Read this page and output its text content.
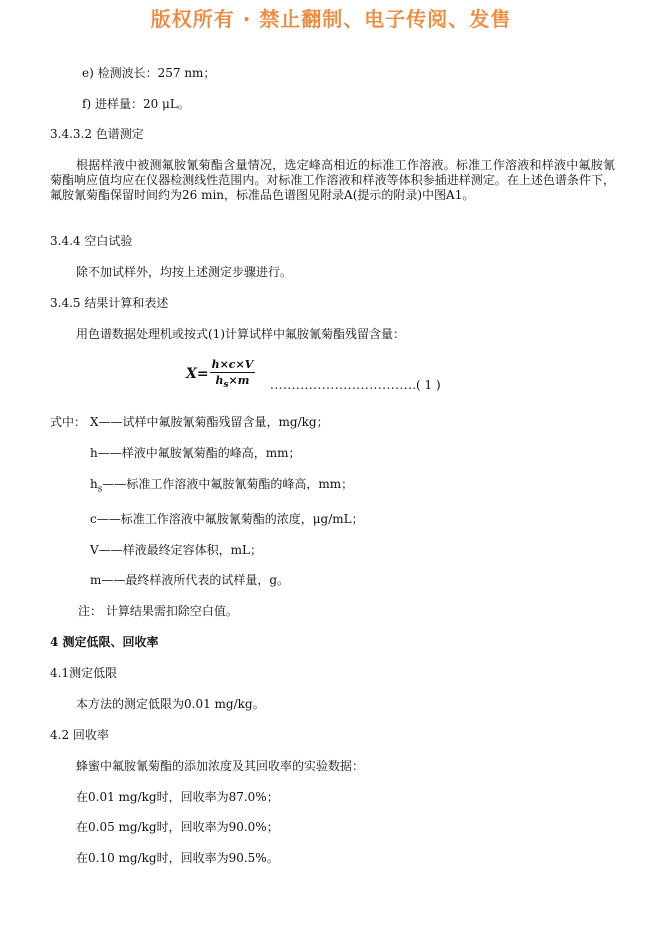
版权所有 · 禁止翻制、电子传阅、发售
e) 检测波长：257 nm；
f) 进样量：20 μL。
3.4.3.2 色谱测定
根据样液中被测氟胺氰菊酯含量情况，选定峰高相近的标准工作溶液。标准工作溶液和样液中氟胺氰菊酯响应值均应在仪器检测线性范围内。对标准工作溶液和样液等体积参插进样测定。在上述色谱条件下，氟胺氰菊酯保留时间约为26 min，标准品色谱图见附录A(提示的附录)中图A1。
3.4.4 空白试验
除不加试样外，均按上述测定步骤进行。
3.4.5 结果计算和表述
用色谱数据处理机或按式(1)计算试样中氟胺氰菊酯残留含量：
$X= \frac{h\times c\times V}{h_s\times m}$ .................................. ( 1 )
式中： X——试样中氟胺氰菊酯残留含量，mg/kg；
h——样液中氟胺氰菊酯的峰高，mm；
$h_s——$标准工作溶液中氟胺氰菊酯的峰高，mm；
c——标准工作溶液中氟胺氰菊酯的浓度，μg/mL；
V——样液最终定容体积，mL；
m——最终样液所代表的试样量，g。
注： 计算结果需扣除空白值。
4 测定低限、回收率
4.1测定低限
本方法的测定低限为0.01 mg/kg。
4.2 回收率
蜂蜜中氟胺氰菊酯的添加浓度及其回收率的实验数据：
在0.01 mg/kg时，回收率为87.0%；
在0.05 mg/kg时，回收率为90.0%；
在0.10 mg/kg时，回收率为90.5%。
